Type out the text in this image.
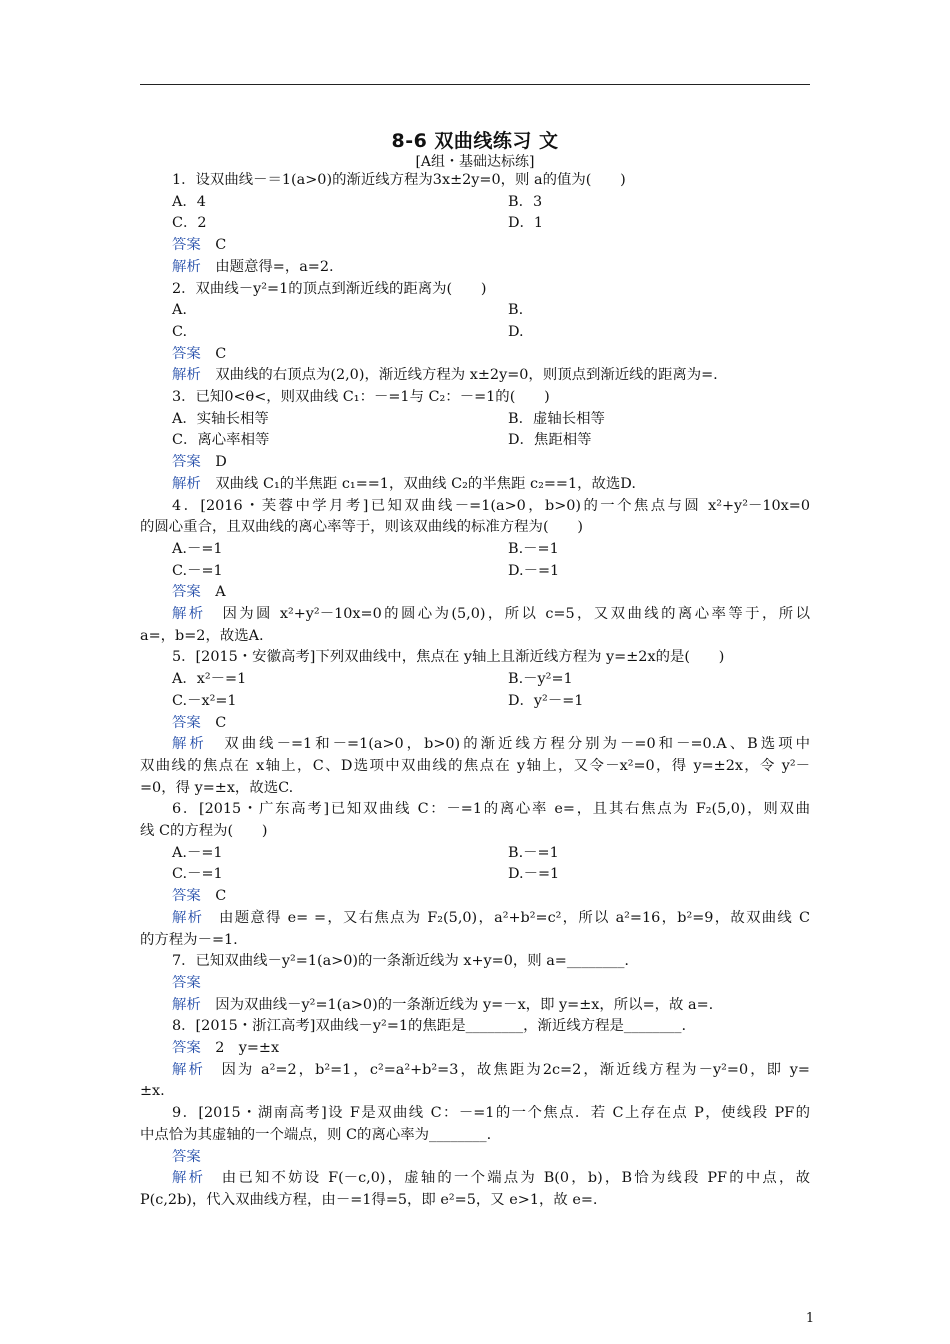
8-6 双曲线练习 文
[A组・基础达标练]
1．设双曲线－＝1(a>0)的渐近线方程为3x±2y=0，则 a的值为(　　)
A．4	B．3
C．2	D．1
答案　 C
解析　 由题意得=，a=2.
2．双曲线－y²=1的顶点到渐近线的距离为(　　)
A.	B.
C.	D.
答案　 C
解析　 双曲线的右顶点为(2,0)，渐近线方程为 x±2y=0，则顶点到渐近线的距离为=.
3．已知0<θ<，则双曲线 C₁：－=1与 C₂：－=1的(　　)
A．实轴长相等	B．虚轴长相等
C．离心率相等	D．焦距相等
答案　 D
解析　 双曲线 C₁的半焦距 c₁==1，双曲线 C₂的半焦距 c₂==1，故选D.
4．[2016・芙蓉中学月考]已知双曲线－=1(a>0，b>0)的一个焦点与圆 x²+y²－10x=0
的圆心重合，且双曲线的离心率等于，则该双曲线的标准方程为(　　)
A.－=1	B.－=1
C.－=1	D.－=1
答案　 A
解析　 因为圆 x²+y²－10x=0的圆心为(5,0)，所以 c=5，又双曲线的离心率等于，所以
a=，b=2，故选A.
5．[2015・安徽高考]下列双曲线中，焦点在 y轴上且渐近线方程为 y=±2x的是(　　)
A．x²－=1	B.－y²=1
C.－x²=1	D．y²－=1
答案　 C
解析　 双曲线－=1和－=1(a>0，b>0)的渐近线方程分别为－=0和－=0.A、B选项中
双曲线的焦点在 x轴上，C、D选项中双曲线的焦点在 y轴上，又令－x²=0，得 y=±2x，令 y²－
=0，得 y=±x，故选C.
6．[2015・广东高考]已知双曲线 C：－=1的离心率 e=，且其右焦点为 F₂(5,0)，则双曲
线 C的方程为(　　)
A.－=1	B.－=1
C.－=1	D.－=1
答案　 C
解析　 由题意得 e= =，又右焦点为 F₂(5,0)，a²+b²=c²，所以 a²=16，b²=9，故双曲线 C
的方程为－=1.
7．已知双曲线－y²=1(a>0)的一条渐近线为 x+y=0，则 a=________.
答案　
解析　 因为双曲线－y²=1(a>0)的一条渐近线为 y=－x，即 y=±x，所以=，故 a=.
8．[2015・浙江高考]双曲线－y²=1的焦距是________，渐近线方程是________.
答案　 2　y=±x
解析　 因为 a²=2，b²=1，c²=a²+b²=3，故焦距为2c=2，渐近线方程为－y²=0，即 y=
±x.
9．[2015・湖南高考]设 F是双曲线 C：－=1的一个焦点．若 C上存在点 P，使线段 PF的
中点恰为其虚轴的一个端点，则 C的离心率为________.
答案　
解析　 由已知不妨设 F(－c,0)，虚轴的一个端点为 B(0，b)，B恰为线段 PF的中点，故
P(c,2b)，代入双曲线方程，由－=1得=5，即 e²=5，又 e>1，故 e=.
1
